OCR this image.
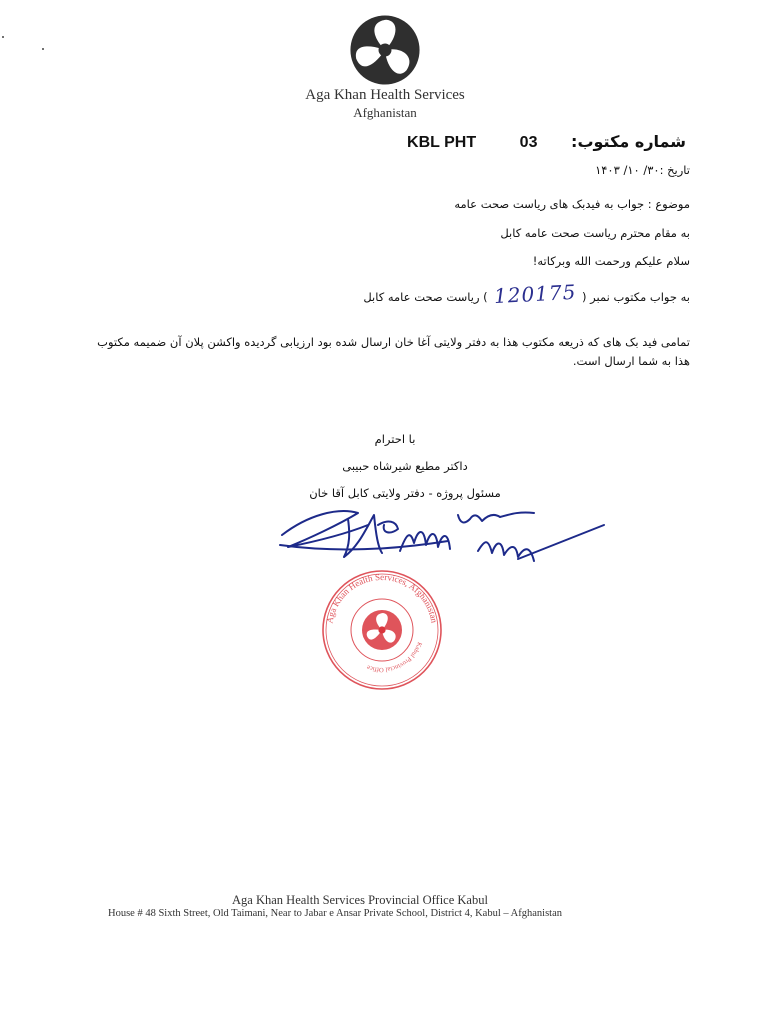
Aga Khan Health Services
Afghanistan
شماره مکتوب: 03 KBL PHT
تاریخ :۳۰/ ۱۰/ ۱۴۰۳
موضوع : جواب به فیدبک های ریاست صحت عامه
به مقام محترم ریاست صحت عامه کابل
سلام علیکم ورحمت الله وبرکاته!
به جواب مکتوب نمبر (120175) ریاست صحت عامه کابل
تمامی فید بک های که ذریعه مکتوب هذا به دفتر ولایتی آغا خان ارسال شده بود ارزیابی گردیده واکشن پلان آن ضمیمه مکتوب هذا به شما ارسال است.
با احترام
داکتر مطیع شیرشاه حبیبی
مسئول پروژه - دفتر ولایتی کابل آقا خان
Aga Khan Health Services, Afghanistan
Kabul Provincial Office
Aga Khan Health Services Provincial Office Kabul
House # 48 Sixth Street, Old Taimani, Near to Jabar e Ansar Private School, District 4, Kabul – Afghanistan
